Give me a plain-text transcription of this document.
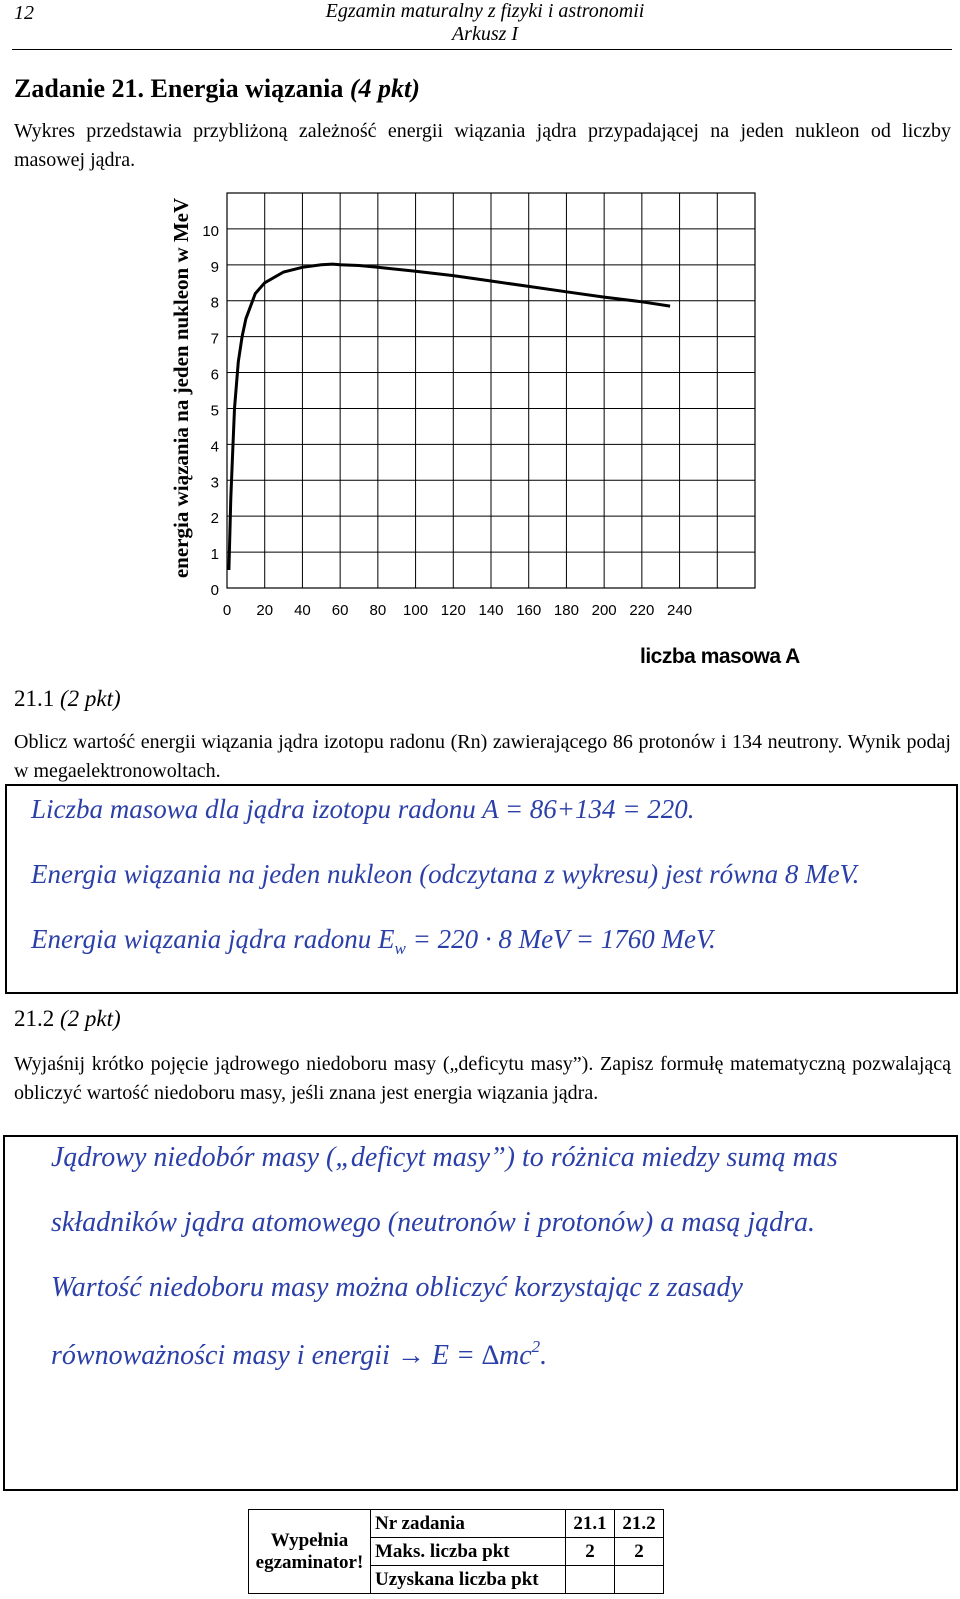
12	Egzamin maturalny z fizyki i astronomii
Arkusz I
Zadanie 21. Energia wiązania (4 pkt)
Wykres przedstawia przybliżoną zależność energii wiązania jądra przypadającej na jeden nukleon od liczby masowej jądra.
0
1
2
3
4
5
6
7
8
9
10
0 20 40 60 80 100 120 140 160 180 200 220 240
energia wiązania na jeden nukleon w MeV
liczba masowa A
21.1 (2 pkt)
Oblicz wartość energii wiązania jądra izotopu radonu (Rn) zawierającego 86 protonów i 134 neutrony. Wynik podaj w megaelektronowoltach.
Liczba masowa dla jądra izotopu radonu A = 86+134 = 220.
Energia wiązania na jeden nukleon (odczytana z wykresu) jest równa 8 MeV.
Energia wiązania jądra radonu $E_w = 220 \cdot 8$ MeV = 1760 MeV.
21.2 (2 pkt)
Wyjaśnij krótko pojęcie jądrowego niedoboru masy („deficytu masy”). Zapisz formułę matematyczną pozwalającą obliczyć wartość niedoboru masy, jeśli znana jest energia wiązania jądra.
Jądrowy niedobór masy („deficyt masy”) to różnica miedzy sumą mas
składników jądra atomowego (neutronów i protonów) a masą jądra.
Wartość niedoboru masy można obliczyć korzystając z zasady
równoważności masy i energii → $E = \Delta mc^2$.
Wypełnia egzaminator!	Nr zadania	21.1	21.2
	Maks. liczba pkt	2	2
	Uzyskana liczba pkt		
